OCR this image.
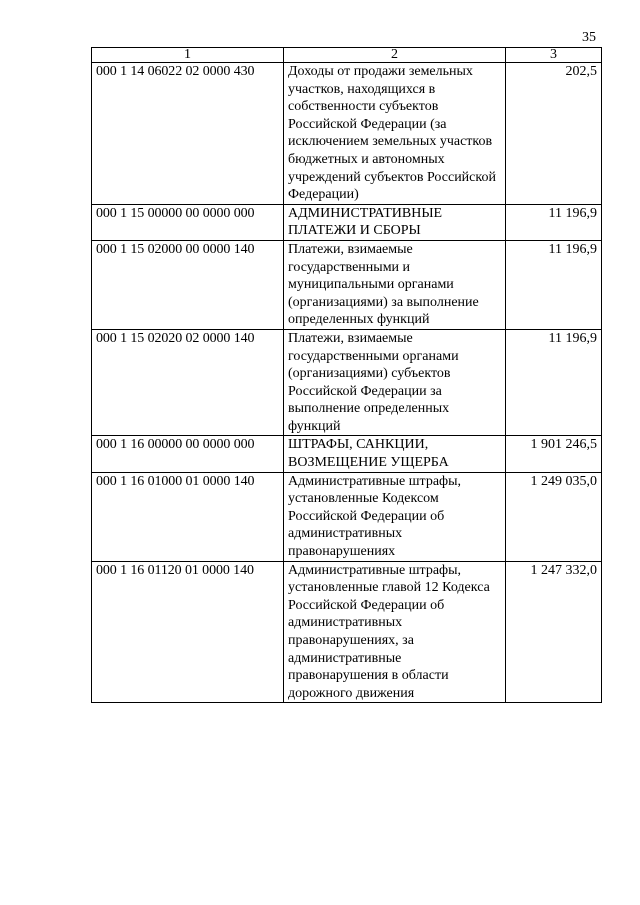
35
1	2	3
000 1 14 06022 02 0000 430	Доходы от продажи земельных участков, находящихся в собственности субъектов Российской Федерации (за исключением земельных участков бюджетных и автономных учреждений субъектов Российской Федерации)	202,5
000 1 15 00000 00 0000 000	АДМИНИСТРАТИВНЫЕ ПЛАТЕЖИ И СБОРЫ	11 196,9
000 1 15 02000 00 0000 140	Платежи, взимаемые государственными и муниципальными органами (организациями) за выполнение определенных функций	11 196,9
000 1 15 02020 02 0000 140	Платежи, взимаемые государственными органами (организациями) субъектов Российской Федерации за выполнение определенных функций	11 196,9
000 1 16 00000 00 0000 000	ШТРАФЫ, САНКЦИИ, ВОЗМЕЩЕНИЕ УЩЕРБА	1 901 246,5
000 1 16 01000 01 0000 140	Административные штрафы, установленные Кодексом Российской Федерации об административных правонарушениях	1 249 035,0
000 1 16 01120 01 0000 140	Административные штрафы, установленные главой 12 Кодекса Российской Федерации об административных правонарушениях, за административные правонарушения в области дорожного движения	1 247 332,0
